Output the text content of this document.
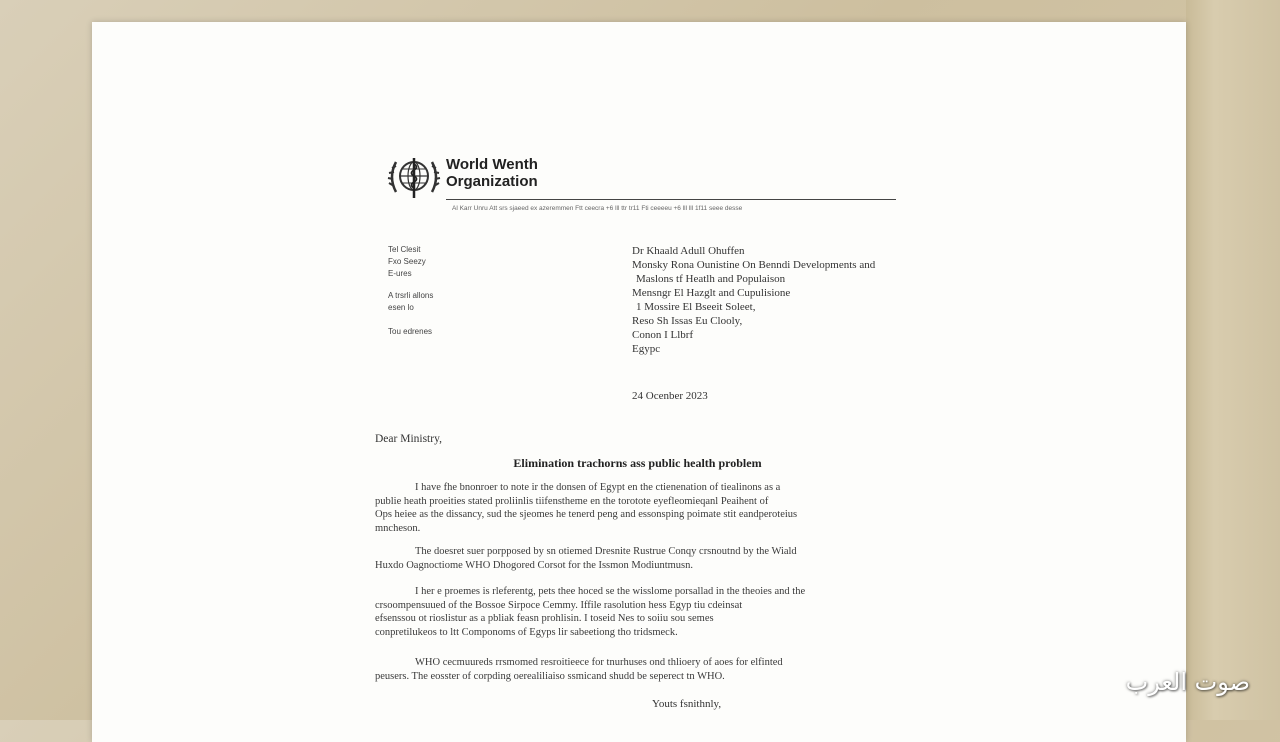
World Wenth
Organization
Al Karr Unru Att srs sjaeed ex azeremmen Ftt ceecra +6 lll ttr tr11 Fti ceeeeu +6 lll lll 1f11 seee desse
Tel Clesit
Fxo Seezy
E-ures
A trsrli allons
esen lo
Tou edrenes
Dr Khaald Adull Ohuffen
Monsky Rona Ounistine On Benndi Developments and
Maslons tf Heatlh and Populaison
Mensngr El Hazglt and Cupulisione
1 Mossire El Bseeit Soleet,
Reso Sh Issas Eu Clooly,
Conon I Llbrf
Egypc
24 Ocenber 2023
Dear Ministry,
Elimination trachorns ass public health problem
I have fhe bnonroer to note ir the donsen of Egypt en the ctienenation of tiealinons as a
publie heath proeities stated proliinlis tiifenstheme en the torotote eyefleomieqanl Peaihent of
Ops heiee as the dissancy, sud the sjeomes he tenerd peng and essonsping poimate stit eandperoteius
mncheson.
The doesret suer porpposed by sn otiemed Dresnite Rustrue Conqy crsnoutnd by the Wiald
Huxdo Oagnoctiome WHO Dhogored Corsot for the Issmon Modiuntmusn.
I her e proemes is rleferentg, pets thee hoced se the wisslome porsallad in the theoies and the
crsoompensuued of the Bossoe Sirpoce Cemmy. Iffile rasolution hess Egyp tiu cdeinsat
efsenssou ot rioslistur as a pbliak feasn prohlisin. I toseid Nes to soiiu sou semes
conpretilukeos to ltt Componoms of Egyps lir sabeetiong tho tridsmeck.
WHO cecmuureds rrsmomed resroitieece for tnurhuses ond thlioery of aoes for elfinted
peusers. The eosster of corpding oerealiliaiso ssmicand shudd be seperect tn WHO.
Youts fsnithnly,
صوت العرب
